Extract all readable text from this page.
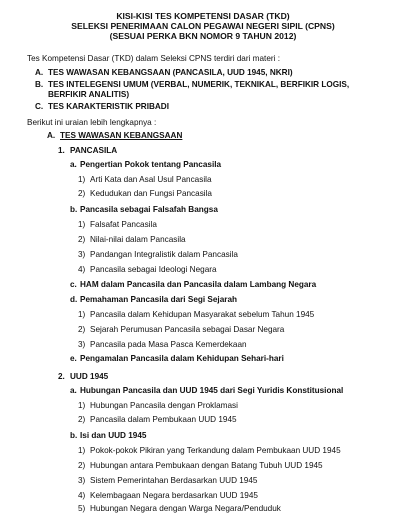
KISI-KISI TES KOMPETENSI DASAR (TKD)
SELEKSI PENERIMAAN CALON PEGAWAI NEGERI SIPIL (CPNS)
(SESUAI PERKA BKN NOMOR 9 TAHUN 2012)
Tes Kompetensi Dasar (TKD) dalam Seleksi CPNS terdiri dari materi :
A. TES WAWASAN KEBANGSAAN (PANCASILA, UUD 1945, NKRI)
B. TES INTELEGENSI UMUM (VERBAL, NUMERIK, TEKNIKAL, BERFIKIR LOGIS,
BERFIKIR ANALITIS)
C. TES KARAKTERISTIK PRIBADI
Berikut ini uraian lebih lengkapnya :
A. TES WAWASAN KEBANGSAAN
1. PANCASILA
a. Pengertian Pokok tentang Pancasila
1) Arti Kata dan Asal Usul Pancasila
2) Kedudukan dan Fungsi Pancasila
b. Pancasila sebagai Falsafah Bangsa
1) Falsafat Pancasila
2) Nilai-nilai dalam Pancasila
3) Pandangan Integralistik dalam Pancasila
4) Pancasila sebagai Ideologi Negara
c. HAM dalam Pancasila dan Pancasila dalam Lambang Negara
d. Pemahaman Pancasila dari Segi Sejarah
1) Pancasila dalam Kehidupan Masyarakat sebelum Tahun 1945
2) Sejarah Perumusan Pancasila sebagai Dasar Negara
3) Pancasila pada Masa Pasca Kemerdekaan
e. Pengamalan Pancasila dalam Kehidupan Sehari-hari
2. UUD 1945
a. Hubungan Pancasila dan UUD 1945 dari Segi Yuridis Konstitusional
1) Hubungan Pancasila dengan Proklamasi
2) Pancasila dalam Pembukaan UUD 1945
b. Isi dan UUD 1945
1) Pokok-pokok Pikiran yang Terkandung dalam Pembukaan UUD 1945
2) Hubungan antara Pembukaan dengan Batang Tubuh UUD 1945
3) Sistem Pemerintahan Berdasarkan UUD 1945
4) Kelembagaan Negara berdasarkan UUD 1945
5) Hubungan Negara dengan Warga Negara/Penduduk
